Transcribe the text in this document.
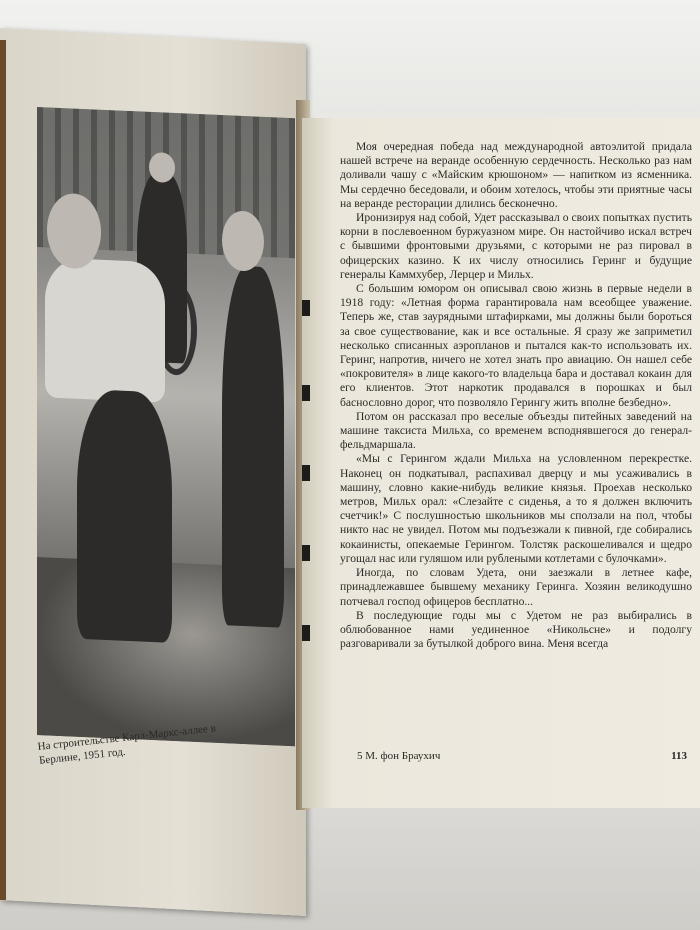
На строительстве Карл-Маркс-аллее в Берлине, 1951 год.

Моя очередная победа над международной автоэлитой придала нашей встрече на веранде особенную сердечность. Несколько раз нам доливали чашу с «Майским крюшоном» — напитком из ясменника. Мы сердечно беседовали, и обоим хотелось, чтобы эти приятные часы на веранде ресторации длились бесконечно.

Иронизируя над собой, Удет рассказывал о своих попытках пустить корни в послевоенном буржуазном мире. Он настойчиво искал встреч с бывшими фронтовыми друзьями, с которыми не раз пировал в офицерских казино. К их числу относились Геринг и будущие генералы Каммхубер, Лерцер и Мильх.

С большим юмором он описывал свою жизнь в первые недели в 1918 году: «Летная форма гарантировала нам всеобщее уважение. Теперь же, став заурядными штафирками, мы должны были бороться за свое существование, как и все остальные. Я сразу же заприметил несколько списанных аэропланов и пытался как-то использовать их. Геринг, напротив, ничего не хотел знать про авиацию. Он нашел себе «покровителя» в лице какого-то владельца бара и доставал кокаин для его клиентов. Этот наркотик продавался в порошках и был баснословно дорог, что позволяло Герингу жить вполне безбедно».

Потом он рассказал про веселые объезды питейных заведений на машине таксиста Мильха, со временем всподнявшегося до генерал-фельдмаршала.

«Мы с Герингом ждали Мильха на условленном перекрестке. Наконец он подкатывал, распахивал дверцу и мы усаживались в машину, словно какие-нибудь великие князья. Проехав несколько метров, Мильх орал: «Слезайте с сиденья, а то я должен включить счетчик!» С послушностью школьников мы сползали на пол, чтобы никто нас не увидел. Потом мы подъезжали к пивной, где собирались кокаинисты, опекаемые Герингом. Толстяк раскошеливался и щедро угощал нас или гуляшом или рублеными котлетами с булочками».

Иногда, по словам Удета, они заезжали в летнее кафе, принадлежавшее бывшему механику Геринга. Хозяин великодушно потчевал господ офицеров бесплатно...

В последующие годы мы с Удетом не раз выбирались в облюбованное нами уединенное «Никольсне» и подолгу разговаривали за бутылкой доброго вина. Меня всегда

5 М. фон Браухич	113
